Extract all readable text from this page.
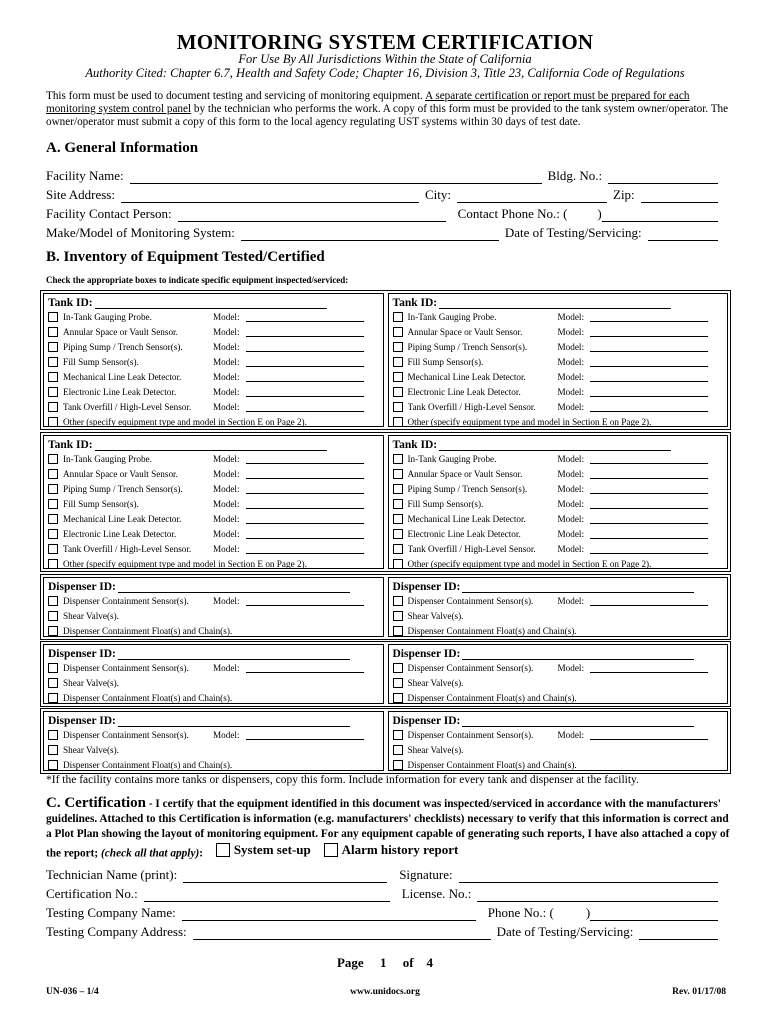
MONITORING SYSTEM CERTIFICATION
For Use By All Jurisdictions Within the State of California
Authority Cited: Chapter 6.7, Health and Safety Code; Chapter 16, Division 3, Title 23, California Code of Regulations
This form must be used to document testing and servicing of monitoring equipment. A separate certification or report must be prepared for each monitoring system control panel by the technician who performs the work. A copy of this form must be provided to the tank system owner/operator. The owner/operator must submit a copy of this form to the local agency regulating UST systems within 30 days of test date.
A. General Information
Facility Name:	Bldg. No.:
Site Address:	City:	Zip:
Facility Contact Person:	Contact Phone No.: ( )
Make/Model of Monitoring System:	Date of Testing/Servicing:
B. Inventory of Equipment Tested/Certified
Check the appropriate boxes to indicate specific equipment inspected/serviced:
Tank ID:
In-Tank Gauging Probe.	Model:
Annular Space or Vault Sensor.	Model:
Piping Sump / Trench Sensor(s).	Model:
Fill Sump Sensor(s).	Model:
Mechanical Line Leak Detector.	Model:
Electronic Line Leak Detector.	Model:
Tank Overfill / High-Level Sensor.	Model:
Other (specify equipment type and model in Section E on Page 2).
Tank ID:
In-Tank Gauging Probe.	Model:
Annular Space or Vault Sensor.	Model:
Piping Sump / Trench Sensor(s).	Model:
Fill Sump Sensor(s).	Model:
Mechanical Line Leak Detector.	Model:
Electronic Line Leak Detector.	Model:
Tank Overfill / High-Level Sensor.	Model:
Other (specify equipment type and model in Section E on Page 2).
Tank ID:
In-Tank Gauging Probe.	Model:
Annular Space or Vault Sensor.	Model:
Piping Sump / Trench Sensor(s).	Model:
Fill Sump Sensor(s).	Model:
Mechanical Line Leak Detector.	Model:
Electronic Line Leak Detector.	Model:
Tank Overfill / High-Level Sensor.	Model:
Other (specify equipment type and model in Section E on Page 2).
Tank ID:
In-Tank Gauging Probe.	Model:
Annular Space or Vault Sensor.	Model:
Piping Sump / Trench Sensor(s).	Model:
Fill Sump Sensor(s).	Model:
Mechanical Line Leak Detector.	Model:
Electronic Line Leak Detector.	Model:
Tank Overfill / High-Level Sensor.	Model:
Other (specify equipment type and model in Section E on Page 2).
Dispenser ID:
Dispenser Containment Sensor(s).	Model:
Shear Valve(s).
Dispenser Containment Float(s) and Chain(s).
Dispenser ID:
Dispenser Containment Sensor(s).	Model:
Shear Valve(s).
Dispenser Containment Float(s) and Chain(s).
Dispenser ID:
Dispenser Containment Sensor(s).	Model:
Shear Valve(s).
Dispenser Containment Float(s) and Chain(s).
Dispenser ID:
Dispenser Containment Sensor(s).	Model:
Shear Valve(s).
Dispenser Containment Float(s) and Chain(s).
Dispenser ID:
Dispenser Containment Sensor(s).	Model:
Shear Valve(s).
Dispenser Containment Float(s) and Chain(s).
Dispenser ID:
Dispenser Containment Sensor(s).	Model:
Shear Valve(s).
Dispenser Containment Float(s) and Chain(s).
*If the facility contains more tanks or dispensers, copy this form. Include information for every tank and dispenser at the facility.
C. Certification - I certify that the equipment identified in this document was inspected/serviced in accordance with the manufacturers' guidelines. Attached to this Certification is information (e.g. manufacturers' checklists) necessary to verify that this information is correct and a Plot Plan showing the layout of monitoring equipment. For any equipment capable of generating such reports, I have also attached a copy of the report; (check all that apply): System set-up
Alarm history report
Technician Name (print):	Signature:
Certification No.:	License. No.:
Testing Company Name:	Phone No.: ( )
Testing Company Address:	Date of Testing/Servicing:
Page 1 of 4
UN-036 – 1/4	www.unidocs.org	Rev. 01/17/08
